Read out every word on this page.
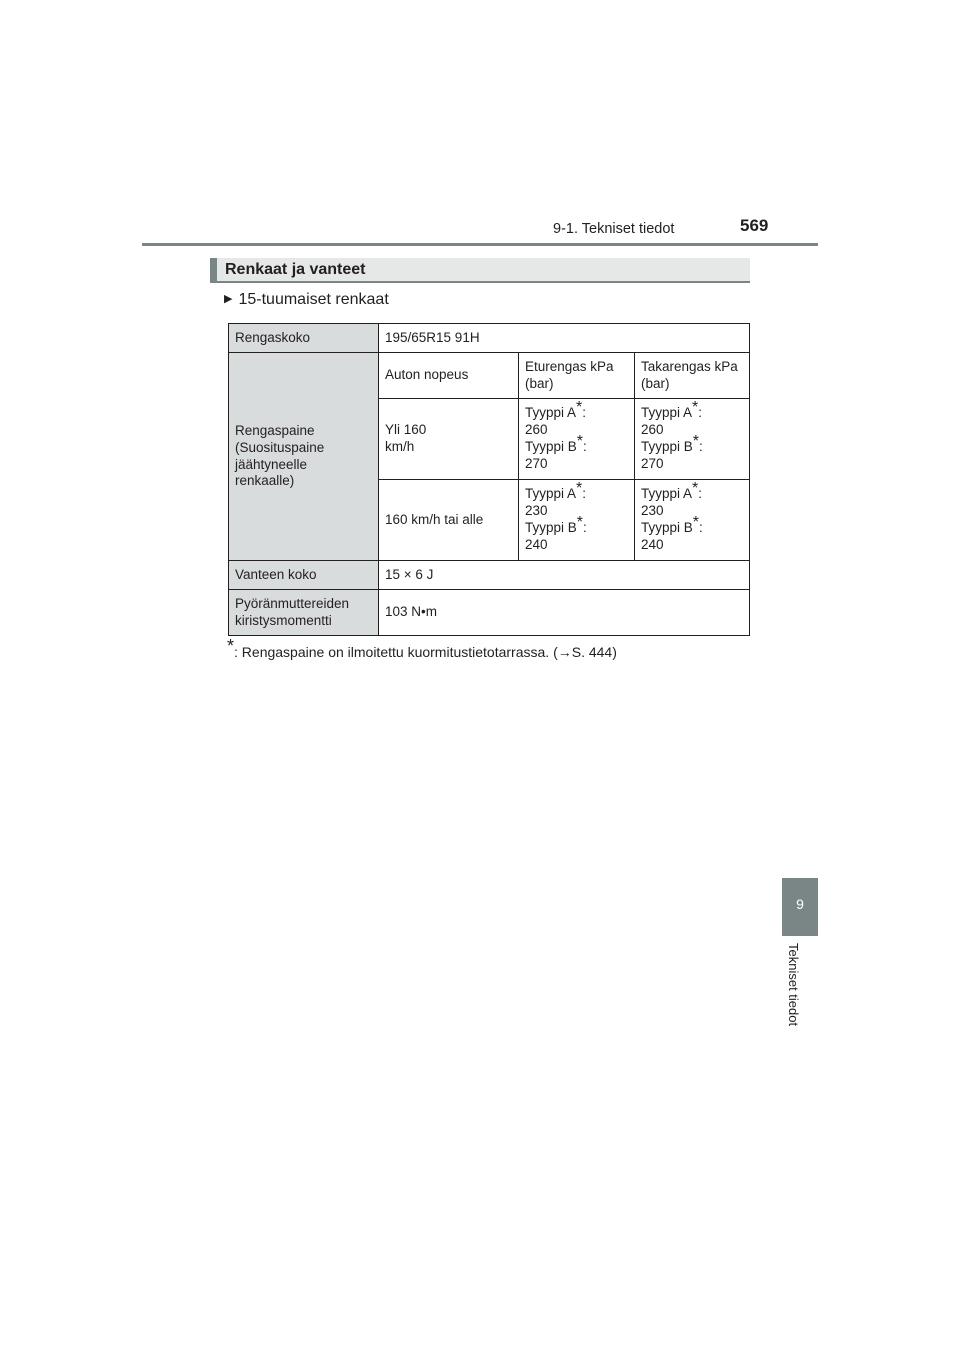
9-1. Tekniset tiedot	569
Renkaat ja vanteet
▶ 15-tuumaiset renkaat
Rengaskoko	195/65R15 91H		
Rengaspaine
(Suosituspaine
jäähtyneelle
renkaalle)	Auton nopeus	Eturengas kPa (bar)	Takarengas kPa (bar)
	Yli 160
km/h	Tyyppi A*:
260
Tyyppi B*:
270	Tyyppi A*:
260
Tyyppi B*:
270
	160 km/h tai alle	Tyyppi A*:
230
Tyyppi B*:
240	Tyyppi A*:
230
Tyyppi B*:
240
Vanteen koko	15 × 6 J		
Pyöränmuttereiden
kiristysmomentti	103 N•m		
*: Rengaspaine on ilmoitettu kuormitustietotarrassa. (→S. 444)
9
Tekniset tiedot
